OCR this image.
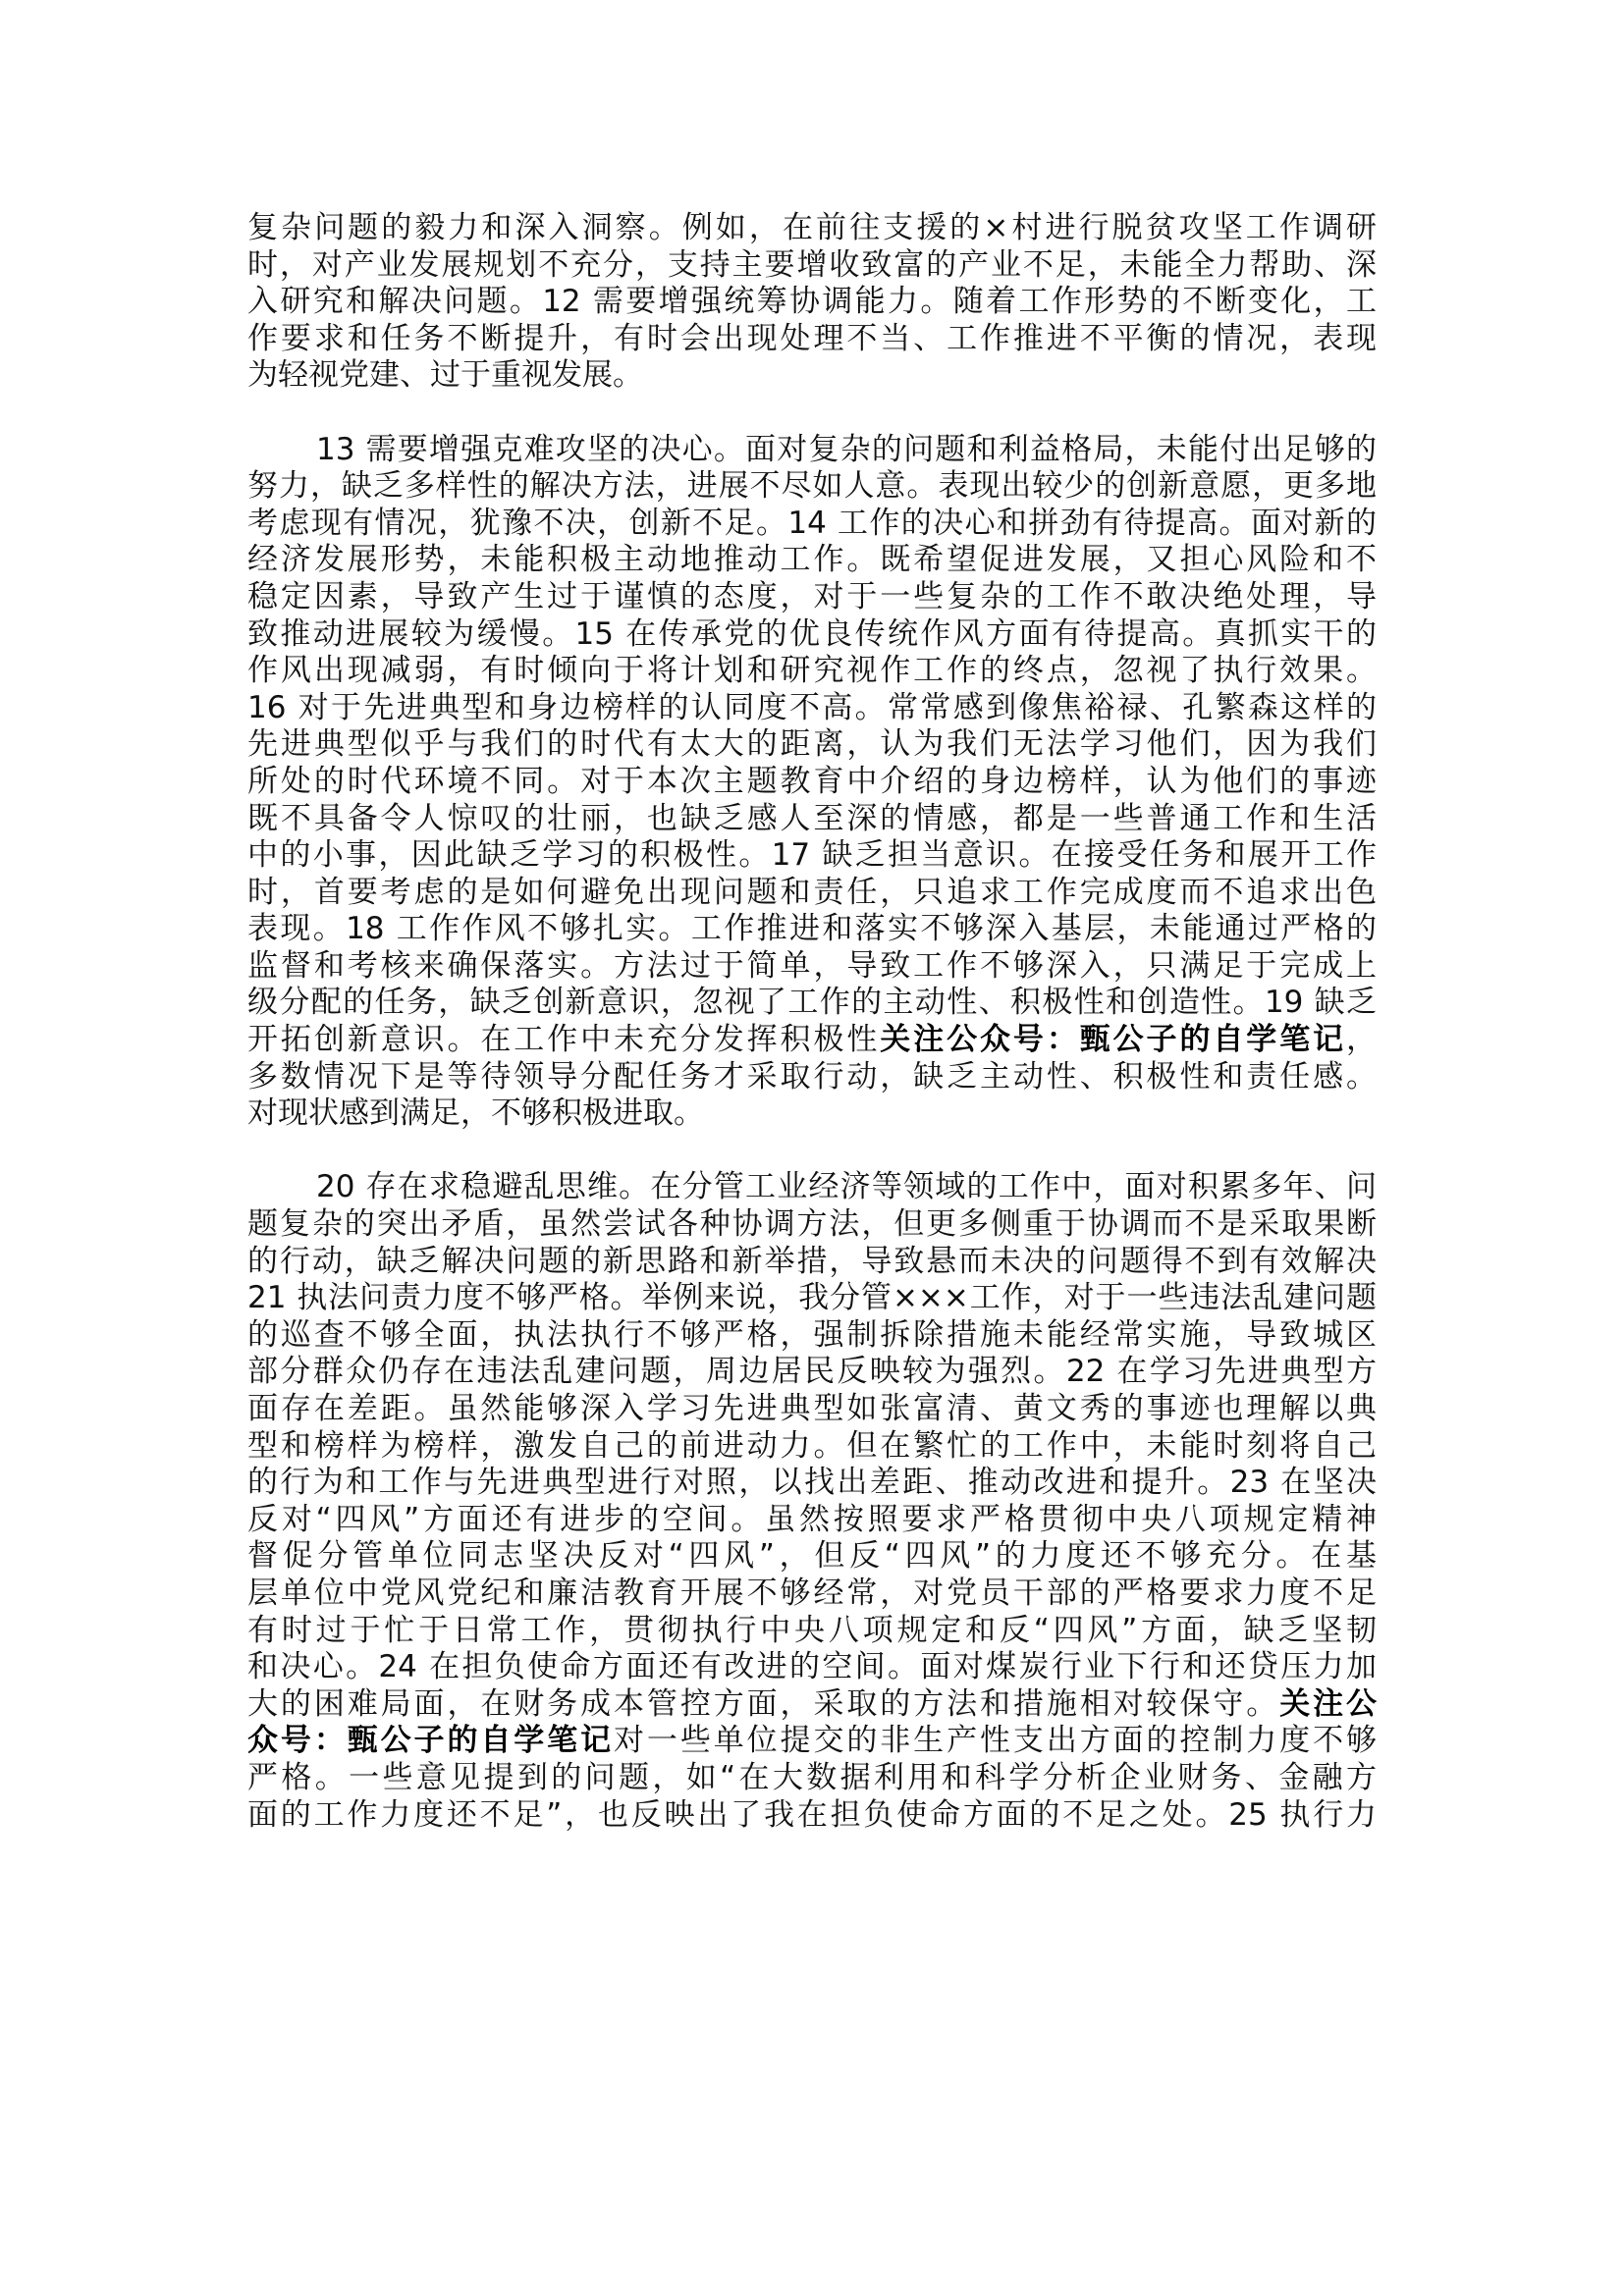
复杂问题的毅力和深入洞察。例如，在前往支援的×村进行脱贫攻坚工作调研
时，对产业发展规划不充分，支持主要增收致富的产业不足，未能全力帮助、深
入研究和解决问题。12 需要增强统筹协调能力。随着工作形势的不断变化，工
作要求和任务不断提升，有时会出现处理不当、工作推进不平衡的情况，表现
为轻视党建、过于重视发展。
13 需要增强克难攻坚的决心。面对复杂的问题和利益格局，未能付出足够的
努力，缺乏多样性的解决方法，进展不尽如人意。表现出较少的创新意愿，更多地
考虑现有情况，犹豫不决，创新不足。14 工作的决心和拼劲有待提高。面对新的
经济发展形势，未能积极主动地推动工作。既希望促进发展，又担心风险和不
稳定因素，导致产生过于谨慎的态度，对于一些复杂的工作不敢决绝处理，导
致推动进展较为缓慢。15 在传承党的优良传统作风方面有待提高。真抓实干的
作风出现减弱，有时倾向于将计划和研究视作工作的终点，忽视了执行效果。
16 对于先进典型和身边榜样的认同度不高。常常感到像焦裕禄、孔繁森这样的
先进典型似乎与我们的时代有太大的距离，认为我们无法学习他们，因为我们
所处的时代环境不同。对于本次主题教育中介绍的身边榜样，认为他们的事迹
既不具备令人惊叹的壮丽，也缺乏感人至深的情感，都是一些普通工作和生活
中的小事，因此缺乏学习的积极性。17 缺乏担当意识。在接受任务和展开工作
时，首要考虑的是如何避免出现问题和责任，只追求工作完成度而不追求出色
表现。18 工作作风不够扎实。工作推进和落实不够深入基层，未能通过严格的
监督和考核来确保落实。方法过于简单，导致工作不够深入，只满足于完成上
级分配的任务，缺乏创新意识，忽视了工作的主动性、积极性和创造性。19 缺乏
开拓创新意识。在工作中未充分发挥积极性关注公众号：甄公子的自学笔记，
多数情况下是等待领导分配任务才采取行动，缺乏主动性、积极性和责任感。
对现状感到满足，不够积极进取。
20 存在求稳避乱思维。在分管工业经济等领域的工作中，面对积累多年、问
题复杂的突出矛盾，虽然尝试各种协调方法，但更多侧重于协调而不是采取果断
的行动，缺乏解决问题的新思路和新举措，导致悬而未决的问题得不到有效解决
21 执法问责力度不够严格。举例来说，我分管×××工作，对于一些违法乱建问题
的巡查不够全面，执法执行不够严格，强制拆除措施未能经常实施，导致城区
部分群众仍存在违法乱建问题，周边居民反映较为强烈。22 在学习先进典型方
面存在差距。虽然能够深入学习先进典型如张富清、黄文秀的事迹也理解以典
型和榜样为榜样，激发自己的前进动力。但在繁忙的工作中，未能时刻将自己
的行为和工作与先进典型进行对照，以找出差距、推动改进和提升。23 在坚决
反对“四风”方面还有进步的空间。虽然按照要求严格贯彻中央八项规定精神
督促分管单位同志坚决反对“四风”，但反“四风”的力度还不够充分。在基
层单位中党风党纪和廉洁教育开展不够经常，对党员干部的严格要求力度不足
有时过于忙于日常工作，贯彻执行中央八项规定和反“四风”方面，缺乏坚韧
和决心。24 在担负使命方面还有改进的空间。面对煤炭行业下行和还贷压力加
大的困难局面，在财务成本管控方面，采取的方法和措施相对较保守。关注公
众号：甄公子的自学笔记对一些单位提交的非生产性支出方面的控制力度不够
严格。一些意见提到的问题，如“在大数据利用和科学分析企业财务、金融方
面的工作力度还不足”，也反映出了我在担负使命方面的不足之处。25 执行力
